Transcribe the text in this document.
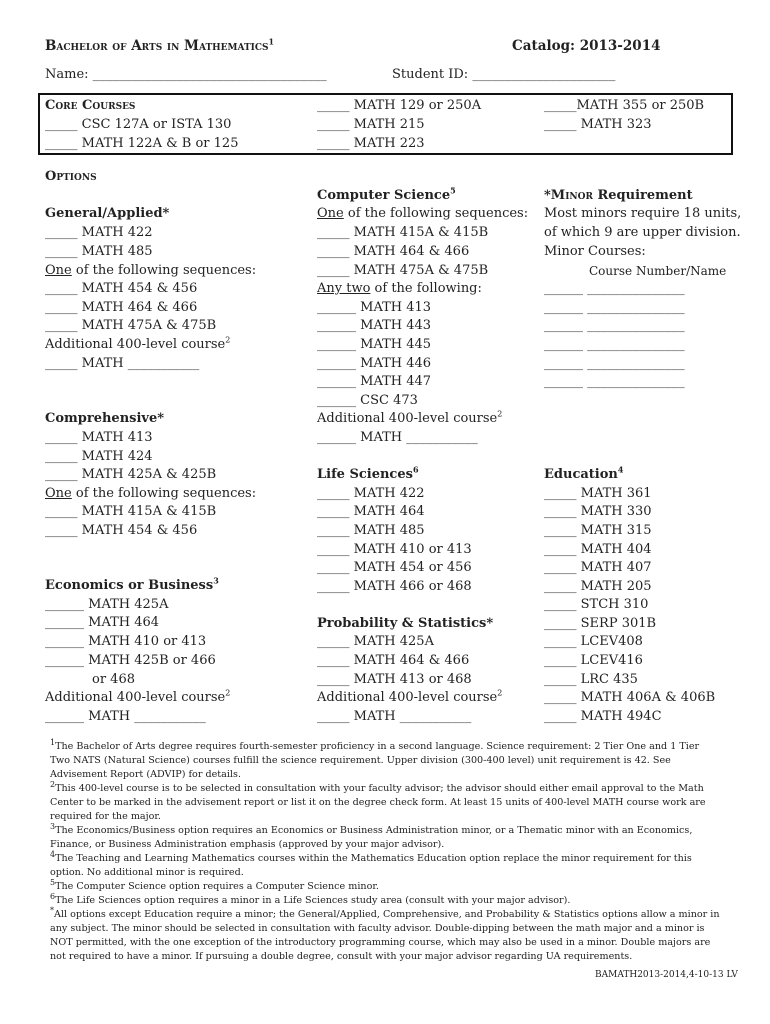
Bachelor of Arts in Mathematics$^1$	Catalog: 2013-2014
Name: ____________________________________	Student ID: ______________________
Core Courses
_____ CSC 127A or ISTA 130
_____ MATH 122A & B or 125
_____ MATH 129 or 250A
_____ MATH 215
_____ MATH 223
_____MATH 355 or 250B
_____ MATH 323
Options
General/Applied*
_____ MATH 422
_____ MATH 485
One of the following sequences:
_____ MATH 454 & 456
_____ MATH 464 & 466
_____ MATH 475A & 475B
Additional 400-level course$^2$
_____ MATH ___________
Comprehensive*
_____ MATH 413
_____ MATH 424
_____ MATH 425A & 425B
One of the following sequences:
_____ MATH 415A & 415B
_____ MATH 454 & 456
Economics or Business$^3$
______ MATH 425A
______ MATH 464
______ MATH 410 or 413
______ MATH 425B or 466
or 468
Additional 400-level course$^2$
______ MATH ___________
Computer Science$^5$
One of the following sequences:
_____ MATH 415A & 415B
_____ MATH 464 & 466
_____ MATH 475A & 475B
Any two of the following:
______ MATH 413
______ MATH 443
______ MATH 445
______ MATH 446
______ MATH 447
______ CSC 473
Additional 400-level course$^2$
______ MATH ___________
Life Sciences$^6$
_____ MATH 422
_____ MATH 464
_____ MATH 485
_____ MATH 410 or 413
_____ MATH 454 or 456
_____ MATH 466 or 468
Probability & Statistics*
_____ MATH 425A
_____ MATH 464 & 466
_____ MATH 413 or 468
Additional 400-level course$^2$
_____ MATH ___________
*Minor Requirement
Most minors require 18 units,
of which 9 are upper division.
Minor Courses:
Course Number/Name
______ _______________
______ _______________
______ _______________
______ _______________
______ _______________
______ _______________
Education$^4$
_____ MATH 361
_____ MATH 330
_____ MATH 315
_____ MATH 404
_____ MATH 407
_____ MATH 205
_____ STCH 310
_____ SERP 301B
_____ LCEV408
_____ LCEV416
_____ LRC 435
_____ MATH 406A & 406B
_____ MATH 494C

$^1$The Bachelor of Arts degree requires fourth-semester proficiency in a second language. Science requirement: 2 Tier One and 1 Tier Two NATS (Natural Science) courses fulfill the science requirement. Upper division (300-400 level) unit requirement is 42. See Advisement Report (ADVIP) for details.

$^2$This 400-level course is to be selected in consultation with your faculty advisor; the advisor should either email approval to the Math Center to be marked in the advisement report or list it on the degree check form. At least 15 units of 400-level MATH course work are required for the major.

$^3$The Economics/Business option requires an Economics or Business Administration minor, or a Thematic minor with an Economics, Finance, or Business Administration emphasis (approved by your major advisor).

$^4$The Teaching and Learning Mathematics courses within the Mathematics Education option replace the minor requirement for this option. No additional minor is required.

$^5$The Computer Science option requires a Computer Science minor.

$^6$The Life Sciences option requires a minor in a Life Sciences study area (consult with your major advisor).

*All options except Education require a minor; the General/Applied, Comprehensive, and Probability & Statistics options allow a minor in any subject. The minor should be selected in consultation with faculty advisor. Double-dipping between the math major and a minor is NOT permitted, with the one exception of the introductory programming course, which may also be used in a minor. Double majors are not required to have a minor. If pursuing a double degree, consult with your major advisor regarding UA requirements.

BAMATH2013-2014,4-10-13 LV
